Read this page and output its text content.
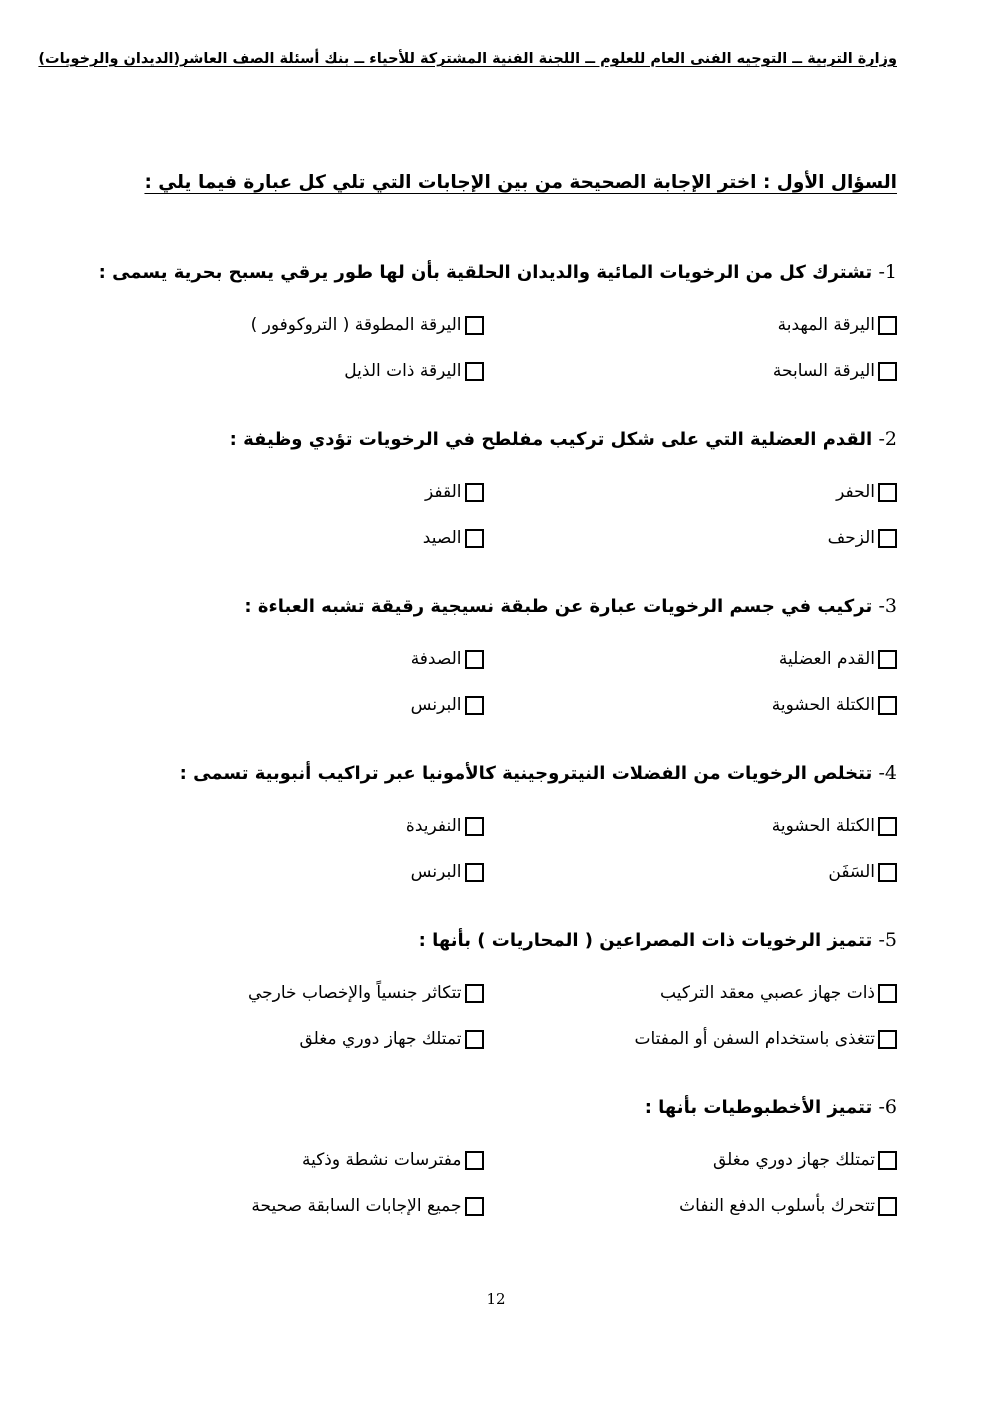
وزارة التربية ــ التوجيه الفنى العام للعلوم ــ اللجنة الفنية المشتركة للأحياء ــ بنك أسئلة الصف العاشر(الديدان والرخويات)
السؤال الأول : اختر الإجابة الصحيحة من بين الإجابات التي تلي كل عبارة فيما يلي :

1- تشترك كل من الرخويات المائية والديدان الحلقية بأن لها طور يرقي يسبح بحرية يسمى :

اليرقة المهدبة
اليرقة المطوقة ( التروكوفور )
اليرقة السابحة
اليرقة ذات الذيل

2- القدم العضلية التي على شكل تركيب مفلطح في الرخويات تؤدي وظيفة :

الحفر
القفز
الزحف
الصيد

3- تركيب في جسم الرخويات عبارة عن طبقة نسيجية رقيقة تشبه العباءة :

القدم العضلية
الصدفة
الكتلة الحشوية
البرنس

4- تتخلص الرخويات من الفضلات النيتروجينية كالأمونيا عبر تراكيب أنبوبية تسمى :

الكتلة الحشوية
النفريدة
السَفَن
البرنس

5- تتميز الرخويات ذات المصراعين ( المحاريات ) بأنها :

ذات جهاز عصبي معقد التركيب
تتكاثر جنسياً والإخصاب خارجي
تتغذى باستخدام السفن أو المفتات
تمتلك جهاز دوري مغلق

6- تتميز الأخطبوطيات بأنها :

تمتلك جهاز دوري مغلق
مفترسات نشطة وذكية
تتحرك بأسلوب الدفع النفاث
جميع الإجابات السابقة صحيحة
12
